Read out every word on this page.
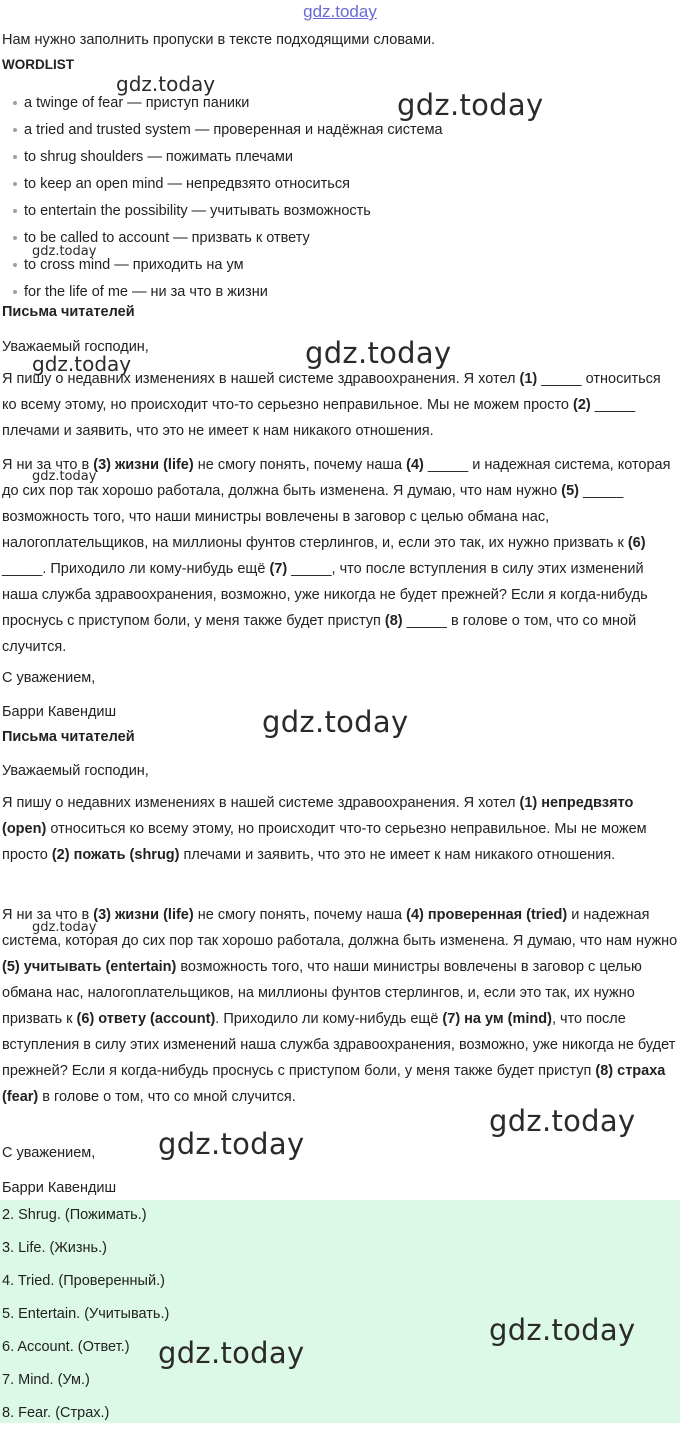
gdz.today

Нам нужно заполнить пропуски в тексте подходящими словами.

WORDLIST

a twinge of fear — приступ паники
a tried and trusted system — проверенная и надёжная система
to shrug shoulders — пожимать плечами
to keep an open mind — непредвзято относиться
to entertain the possibility — учитывать возможность
to be called to account — призвать к ответу
to cross mind — приходить на ум
for the life of me — ни за что в жизни

Письма читателей

Уважаемый господин,

Я пишу о недавних изменениях в нашей системе здравоохранения. Я хотел (1) _____ относиться ко всему этому, но происходит что-то серьезно неправильное. Мы не можем просто (2) _____ плечами и заявить, что это не имеет к нам никакого отношения.

Я ни за что в (3) жизни (life) не смогу понять, почему наша (4) _____ и надежная система, которая до сих пор так хорошо работала, должна быть изменена. Я думаю, что нам нужно (5) _____ возможность того, что наши министры вовлечены в заговор с целью обмана нас, налогоплательщиков, на миллионы фунтов стерлингов, и, если это так, их нужно призвать к (6) _____. Приходило ли кому-нибудь ещё (7) _____, что после вступления в силу этих изменений наша служба здравоохранения, возможно, уже никогда не будет прежней? Если я когда-нибудь проснусь с приступом боли, у меня также будет приступ (8) _____ в голове о том, что со мной случится.

С уважением,

Барри Кавендиш

Письма читателей

Уважаемый господин,

Я пишу о недавних изменениях в нашей системе здравоохранения. Я хотел (1) непредвзято (open) относиться ко всему этому, но происходит что-то серьезно неправильное. Мы не можем просто (2) пожать (shrug) плечами и заявить, что это не имеет к нам никакого отношения.

Я ни за что в (3) жизни (life) не смогу понять, почему наша (4) проверенная (tried) и надежная система, которая до сих пор так хорошо работала, должна быть изменена. Я думаю, что нам нужно (5) учитывать (entertain) возможность того, что наши министры вовлечены в заговор с целью обмана нас, налогоплательщиков, на миллионы фунтов стерлингов, и, если это так, их нужно призвать к (6) ответу (account). Приходило ли кому-нибудь ещё (7) на ум (mind), что после вступления в силу этих изменений наша служба здравоохранения, возможно, уже никогда не будет прежней? Если я когда-нибудь проснусь с приступом боли, у меня также будет приступ (8) страха (fear) в голове о том, что со мной случится.

С уважением,

Барри Кавендиш

2. Shrug. (Пожимать.)
3. Life. (Жизнь.)
4. Tried. (Проверенный.)
5. Entertain. (Учитывать.)
6. Account. (Ответ.)
7. Mind. (Ум.)
8. Fear. (Страх.)
gdz.today
gdz.today
gdz.today
gdz.today
gdz.today
gdz.today
gdz.today
gdz.today
gdz.today
gdz.today
gdz.today
gdz.today
